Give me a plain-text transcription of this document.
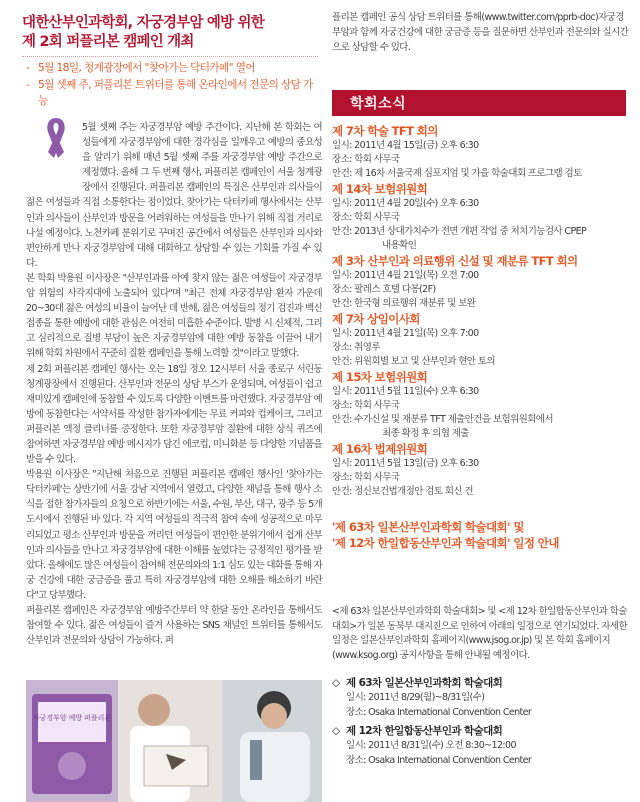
대한산부인과학회, 자궁경부암 예방 위한
제 2회 퍼플리본 캠페인 개최
- 5월 18일, 청계광장에서 "찾아가는 닥터카페" 열어
- 5월 셋째 주, 퍼플리본 트위터를 통해 온라인에서 전문의 상담 가능

5월 셋째 주는 자궁경부암 예방 주간이다. 지난해 본 학회는 여성들에게 자궁경부암에 대한 경각심을 일깨우고 예방의 중요성을 알리기 위해 매년 5월 셋째 주를 자궁경부암 예방 주간으로 제정했다. 올해 그 두 번째 행사, 퍼플리본 캠페인이 서울 청계광장에서 진행된다. 퍼플리본 캠페인의 특징은 산부인과 의사들이 젊은 여성들과 직접 소통한다는 점이었다. 찾아가는 닥터카페 행사에서는 산부인과 의사들이 산부인과 방문을 어려워하는 여성들을 만나기 위해 직접 거리로 나설 예정이다. 노천카페 분위기로 꾸며진 공간에서 여성들은 산부인과 의사와 편안하게 만나 자궁경부암에 대해 대화하고 상담할 수 있는 기회를 가질 수 있다.

본 학회 박용원 이사장은 "산부인과를 아예 찾지 않는 젊은 여성들이 자궁경부암 위험의 사각지대에 노출되어 있다"며 "최근 전체 자궁경부암 환자 가운데 20~30대 젊은 여성의 비율이 늘어난 데 반해, 젊은 여성들의 정기 검진과 백신 접종을 통한 예방에 대한 관심은 여전히 미흡한 수준이다. 발병 시 신체적, 그리고 심리적으로 질병 부담이 높은 자궁경부암에 대한 예방 동참을 이끌어 내기 위해 학회 차원에서 꾸준히 질환 캠페인을 통해 노력할 것"이라고 말했다.

제 2회 퍼플리본 캠페인 행사는 오는 18일 정오 12시부터 서울 종로구 서린동 청계광장에서 진행된다. 산부인과 전문의 상담 부스가 운영되며, 여성들이 쉽고 재미있게 캠페인에 동참할 수 있도록 다양한 이벤트를 마련했다. 자궁경부암 예방에 동참한다는 서약서를 작성한 참가자에게는 무료 커피와 컵케이크, 그리고 퍼플리본 액정 클리너를 증정한다. 또한 자궁경부암 질환에 대한 상식 퀴즈에 참여하면 자궁경부암 예방 메시지가 담긴 에코컵, 미니화분 등 다양한 기념품을 받을 수 있다.

박용원 이사장은 "지난해 처음으로 진행된 퍼플리본 캠페인 행사인 '찾아가는 닥터카페'는 상반기에 서울 강남 지역에서 열렸고, 다양한 채널을 통해 행사 소식을 접한 참가자들의 요청으로 하반기에는 서울, 수원, 부산, 대구, 광주 등 5개 도시에서 진행된 바 있다. 각 지역 여성들의 적극적 참여 속에 성공적으로 마무리되었고 평소 산부인과 방문을 꺼리던 여성들이 편안한 분위기에서 쉽게 산부인과 의사들을 만나고 자궁경부암에 대한 이해를 높였다는 긍정적인 평가를 받았다. 올해에도 많은 여성들이 참여해 전문의와의 1:1 심도 있는 대화를 통해 자궁 건강에 대한 궁금증을 풀고 특히 자궁경부암에 대한 오해를 해소하기 바란다"고 당부했다.

퍼플리본 캠페인은 자궁경부암 예방주간부터 약 한달 동안 온라인을 통해서도 참여할 수 있다. 젊은 여성들이 즐겨 사용하는 SNS 채널인 트위터를 통해서도 산부인과 전문의와 상담이 가능하다. 퍼

자궁경부암 예방 퍼플리본
플리본 캠페인 공식 상담 트위터를 통해(www.twitter.com/pprb-doc)자궁경부암과 함께 자궁건강에 대한 궁금증 등을 질문하면 산부인과 전문의와 실시간으로 상담할 수 있다.
학회소식
제 7차 학술 TFT 회의
일시: 2011년 4월 15일(금) 오후 6:30
장소: 학회 사무국
안건: 제 16차 서울국제 심포지엄 및 가을 학술대회 프로그램 검토
제 14차 보험위원회
일시: 2011년 4월 20일(수) 오후 6:30
장소: 학회 사무국
안건: 2013년 상대가치수가 전면 개편 작업 중 처치기능검사 CPEP
내용확인
제 3차 산부인과 의료행위 신설 및 재분류 TFT 회의
일시: 2011년 4월 21일(목) 오전 7:00
장소: 팔레스 호텔 다봉(2F)
안건: 한국형 의료행위 재분류 및 보완
제 7차 상임이사회
일시: 2011년 4월 21일(목) 오후 7:00
장소: 취영루
안건: 위원회별 보고 및 산부인과 현안 토의
제 15차 보험위원회
일시: 2011년 5월 11일(수) 오후 6:30
장소: 학회 사무국
안건: 수가신설 및 재분류 TFT 제출안건을 보험위원회에서
최종 확정 후 의협 제출
제 16차 법제위원회
일시: 2011년 5월 13일(금) 오후 6:30
장소: 학회 사무국
안건: 정신보건법개정안 검토 회신 건
'제 63차 일본산부인과학회 학술대회' 및
'제 12차 한일합동산부인과 학술대회' 일정 안내
<제 63차 일본산부인과학회 학술대회> 및 <제 12차 한일합동산부인과 학술대회>가 일본 동북부 대지진으로 인하여 아래의 일정으로 연기되었다. 자세한 일정은 일본산부인과학회 홈페이지(www.jsog.or.jp) 및 본 학회 홈페이지(www.ksog.org) 공지사항을 통해 안내될 예정이다.
◇ 제 63차 일본산부인과학회 학술대회
일시: 2011년 8/29(월)~8/31일(수)
장소: Osaka International Convention Center
◇ 제 12차 한일합동산부인과 학술대회
일시: 2011년 8/31일(수) 오전 8:30~12:00
장소: Osaka International Convention Center
